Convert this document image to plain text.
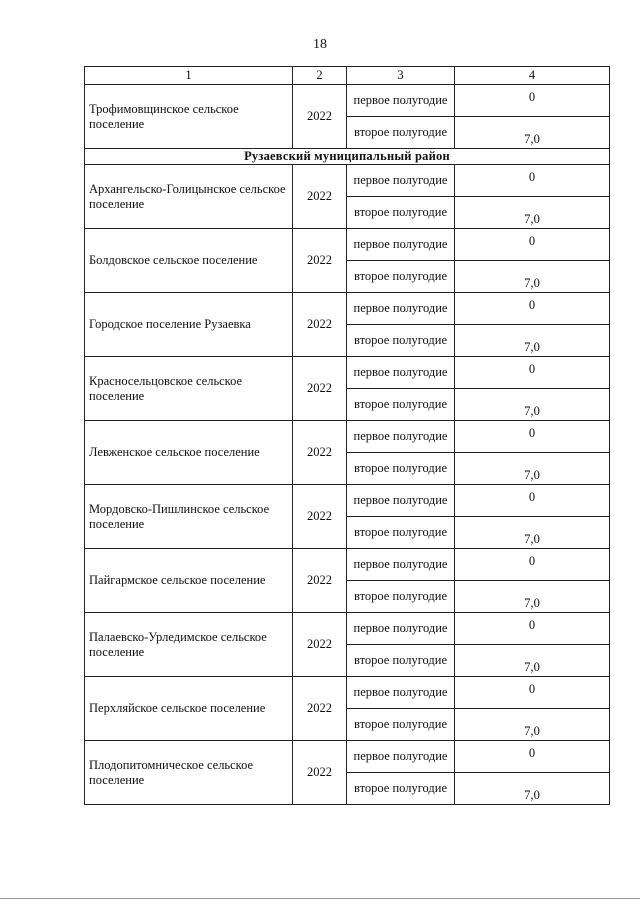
18
1	2	3	4
Трофимовщинское сельское поселение	2022	первое полугодие	0
		второе полугодие	7,0
Рузаевский муниципальный район			
Архангельско-Голицынское сельское поселение	2022	первое полугодие	0
		второе полугодие	7,0
Болдовское сельское поселение	2022	первое полугодие	0
		второе полугодие	7,0
Городское поселение Рузаевка	2022	первое полугодие	0
		второе полугодие	7,0
Красносельцовское сельское поселение	2022	первое полугодие	0
		второе полугодие	7,0
Левженское сельское поселение	2022	первое полугодие	0
		второе полугодие	7,0
Мордовско-Пишлинское сельское поселение	2022	первое полугодие	0
		второе полугодие	7,0
Пайгармское сельское поселение	2022	первое полугодие	0
		второе полугодие	7,0
Палаевско-Урледимское сельское поселение	2022	первое полугодие	0
		второе полугодие	7,0
Перхляйское сельское поселение	2022	первое полугодие	0
		второе полугодие	7,0
Плодопитомническое сельское поселение	2022	первое полугодие	0
		второе полугодие	7,0
